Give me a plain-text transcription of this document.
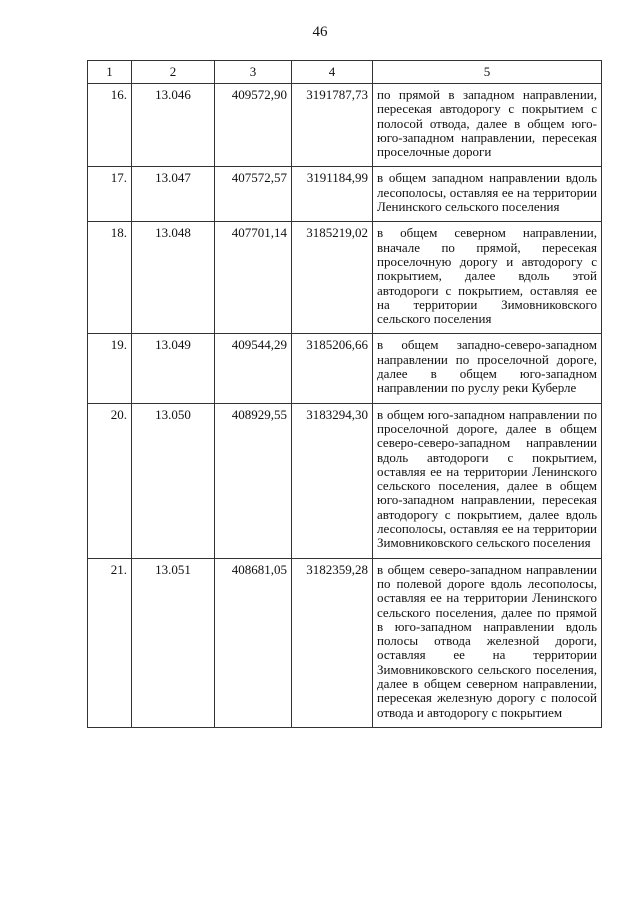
46
1	2	3	4	5
16.	13.046	409572,90	3191787,73	по прямой в западном направлении, пересекая автодорогу с покрытием с полосой отвода, далее в общем юго-юго-западном направлении, пересекая проселочные дороги
17.	13.047	407572,57	3191184,99	в общем западном направлении вдоль лесополосы, оставляя ее на территории Ленинского сельского поселения
18.	13.048	407701,14	3185219,02	в общем северном направлении, вначале по прямой, пересекая проселочную дорогу и автодорогу с покрытием, далее вдоль этой автодороги с покрытием, оставляя ее на территории Зимовниковского сельского поселения
19.	13.049	409544,29	3185206,66	в общем западно-северо-западном направлении по проселочной дороге, далее в общем юго-западном направлении по руслу реки Куберле
20.	13.050	408929,55	3183294,30	в общем юго-западном направлении по проселочной дороге, далее в общем северо-северо-западном направлении вдоль автодороги с покрытием, оставляя ее на территории Ленинского сельского поселения, далее в общем юго-западном направлении, пересекая автодорогу с покрытием, далее вдоль лесополосы, оставляя ее на территории Зимовниковского сельского поселения
21.	13.051	408681,05	3182359,28	в общем северо-западном направлении по полевой дороге вдоль лесополосы, оставляя ее на территории Ленинского сельского поселения, далее по прямой в юго-западном направлении вдоль полосы отвода железной дороги, оставляя ее на территории Зимовниковского сельского поселения, далее в общем северном направлении, пересекая железную дорогу с полосой отвода и автодорогу с покрытием
